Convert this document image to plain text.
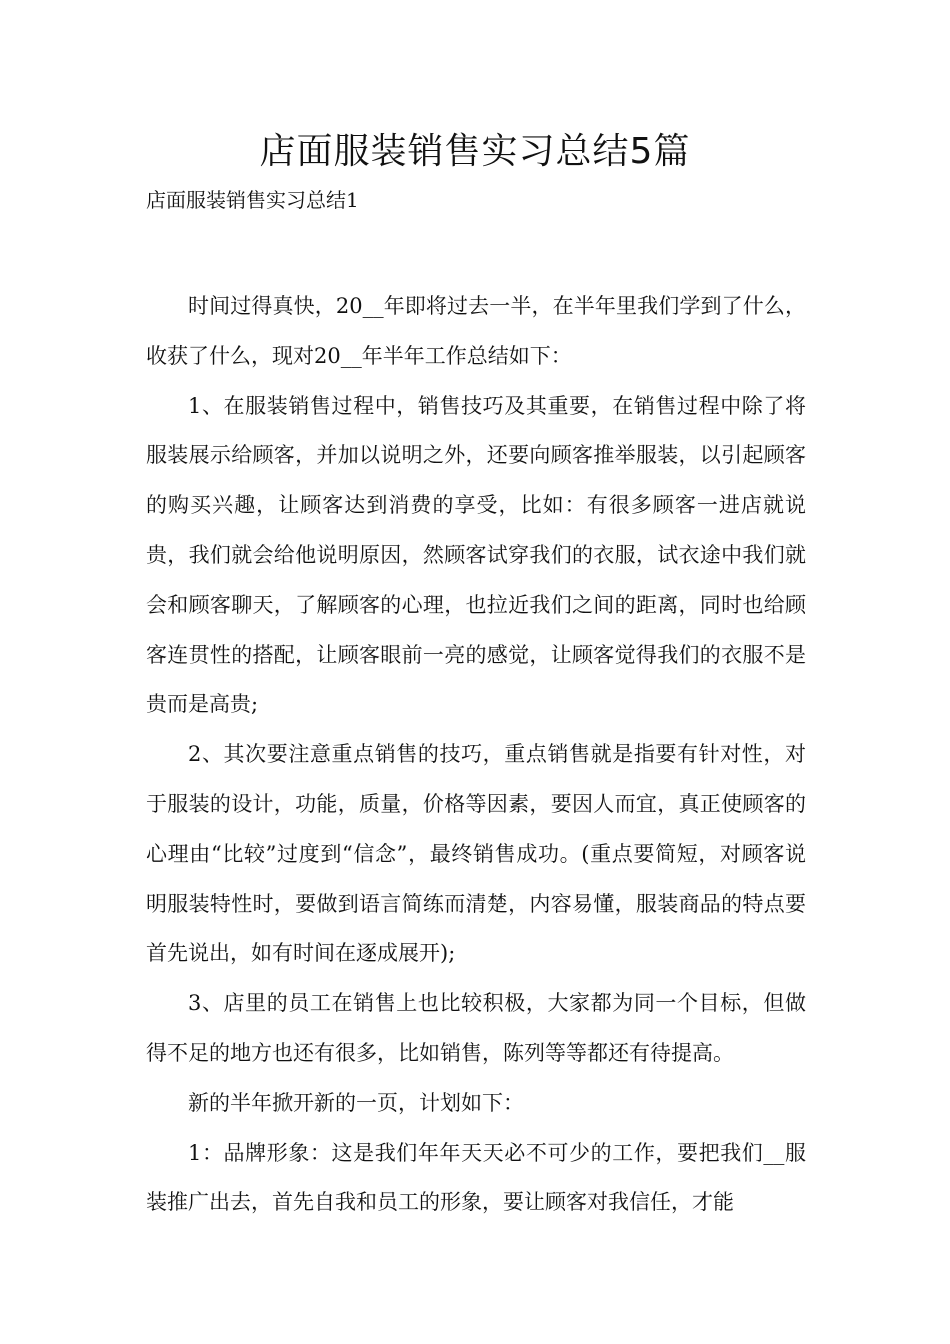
店面服装销售实习总结5篇
店面服装销售实习总结1

时间过得真快，20__年即将过去一半，在半年里我们学到了什么，收获了什么，现对20__年半年工作总结如下：

1、在服装销售过程中，销售技巧及其重要，在销售过程中除了将服装展示给顾客，并加以说明之外，还要向顾客推举服装，以引起顾客的购买兴趣，让顾客达到消费的享受，比如：有很多顾客一进店就说贵，我们就会给他说明原因，然顾客试穿我们的衣服，试衣途中我们就会和顾客聊天，了解顾客的心理，也拉近我们之间的距离，同时也给顾客连贯性的搭配，让顾客眼前一亮的感觉，让顾客觉得我们的衣服不是贵而是高贵;

2、其次要注意重点销售的技巧，重点销售就是指要有针对性，对于服装的设计，功能，质量，价格等因素，要因人而宜，真正使顾客的心理由“比较”过度到“信念”，最终销售成功。(重点要简短，对顾客说明服装特性时，要做到语言简练而清楚，内容易懂，服装商品的特点要首先说出，如有时间在逐成展开);

3、店里的员工在销售上也比较积极，大家都为同一个目标，但做得不足的地方也还有很多，比如销售，陈列等等都还有待提高。

新的半年掀开新的一页，计划如下：

1：品牌形象：这是我们年年天天必不可少的工作，要把我们__服装推广出去，首先自我和员工的形象，要让顾客对我信任，才能
